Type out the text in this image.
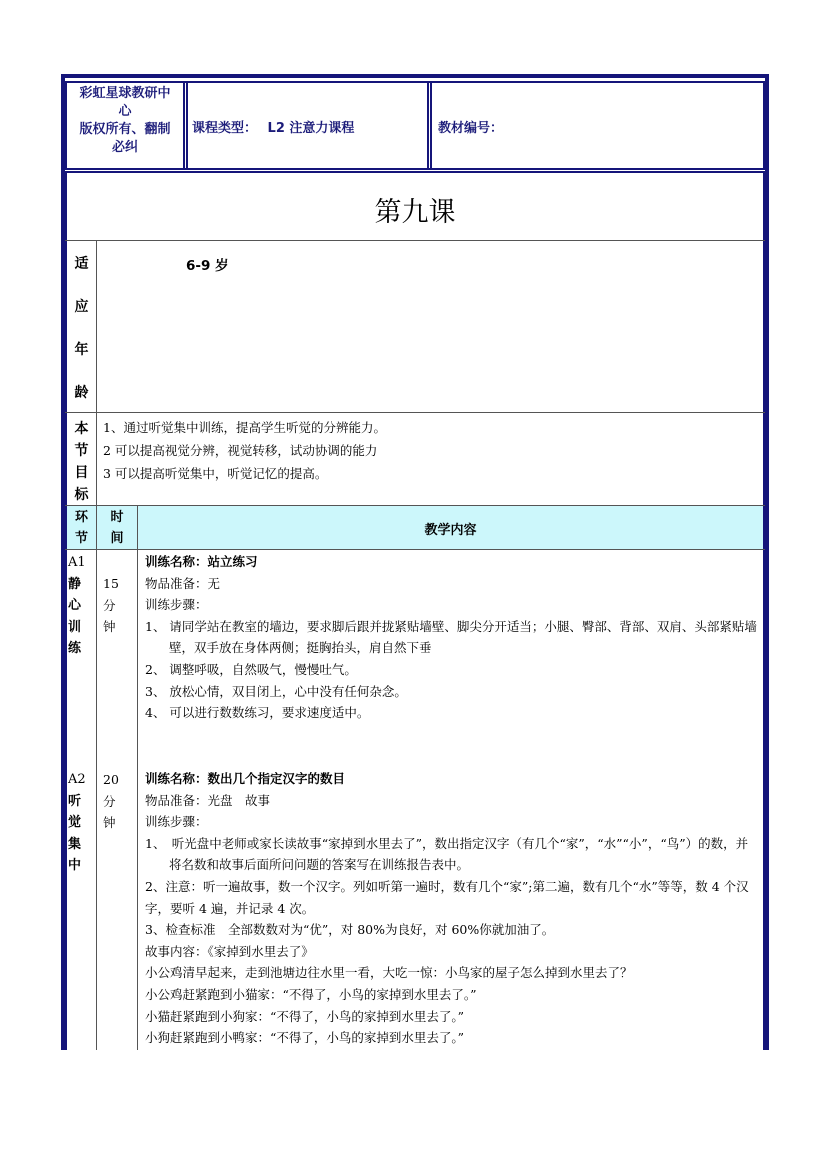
彩虹星球教研中
心
版权所有、翻制
必纠
课程类型： L2 注意力课程	教材编号：
第九课
适
应
年
龄
6-9 岁
本
节
目
标

1、通过听觉集中训练，提高学生听觉的分辨能力。

2 可以提高视觉分辨，视觉转移，试动协调的能力

3 可以提高听觉集中，听觉记忆的提高。

环
节
时
间
教学内容
A1
静
心
训
练
15
分
钟

训练名称：站立练习

物品准备：无

训练步骤：

1、 请同学站在教室的墙边，要求脚后跟并拢紧贴墙壁、脚尖分开适当；小腿、臀部、背部、双肩、头部紧贴墙壁，双手放在身体两侧；挺胸抬头，肩自然下垂

2、 调整呼吸，自然吸气，慢慢吐气。

3、 放松心情，双目闭上，心中没有任何杂念。

4、 可以进行数数练习，要求速度适中。

A2
听
觉
集
中
20
分
钟

训练名称：数出几个指定汉字的数目

物品准备：光盘　故事

训练步骤：

1、　听光盘中老师或家长读故事“家掉到水里去了”，数出指定汉字（有几个“家”，“水”“小”，“鸟”）的数，并将名数和故事后面所问问题的答案写在训练报告表中。

2、注意：听一遍故事，数一个汉字。列如听第一遍时，数有几个“家”;第二遍，数有几个“水”等等，数 4 个汉字，要听 4 遍，并记录 4 次。

3、检查标准　全部数数对为“优”，对 80%为良好，对 60%你就加油了。

故事内容：《家掉到水里去了》

小公鸡清早起来，走到池塘边往水里一看，大吃一惊：小鸟家的屋子怎么掉到水里去了？

小公鸡赶紧跑到小猫家：“不得了，小鸟的家掉到水里去了。”

小猫赶紧跑到小狗家：“不得了，小鸟的家掉到水里去了。”

小狗赶紧跑到小鸭家：“不得了，小鸟的家掉到水里去了。”
